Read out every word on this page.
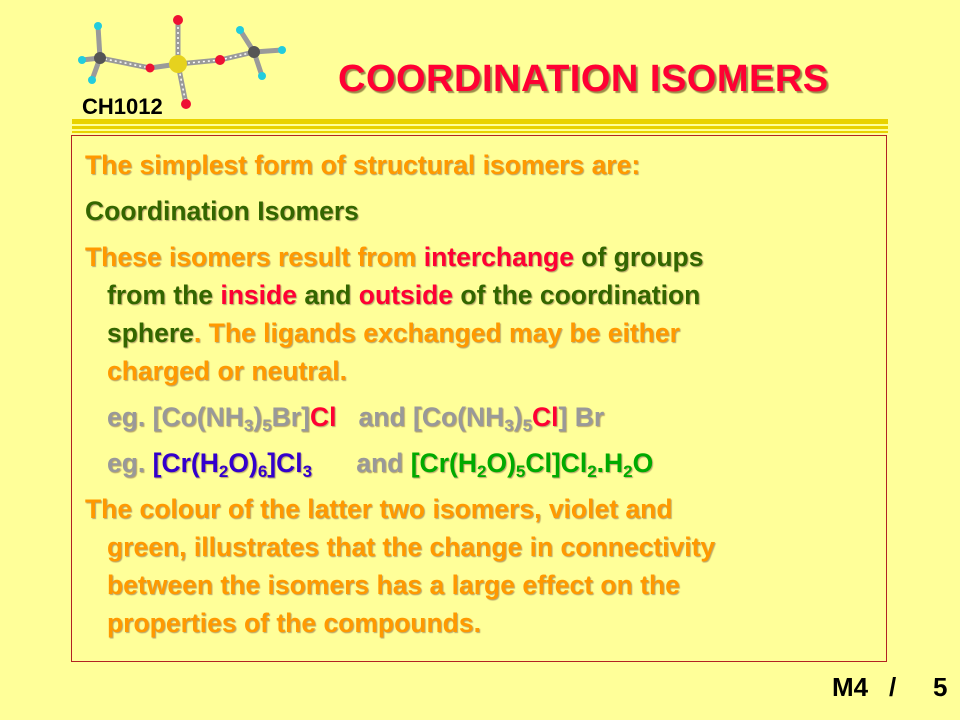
CH1012
COORDINATION ISOMERS
The simplest form of structural isomers are:
Coordination Isomers
These isomers result from interchange of groups
from the inside and outside of the coordination
sphere. The ligands exchanged may be either
charged or neutral.
eg. $[Co(NH_3)_5Br]Cl$   and $[Co(NH_3)_5Cl]$ Br
eg. $[Cr(H_2O)_6]Cl_3$      and $[Cr(H_2O)_5Cl]Cl_2.H_2O$
The colour of the latter two isomers, violet and
green, illustrates that the change in connectivity
between the isomers has a large effect on the
properties of the compounds.
M4 / 5
